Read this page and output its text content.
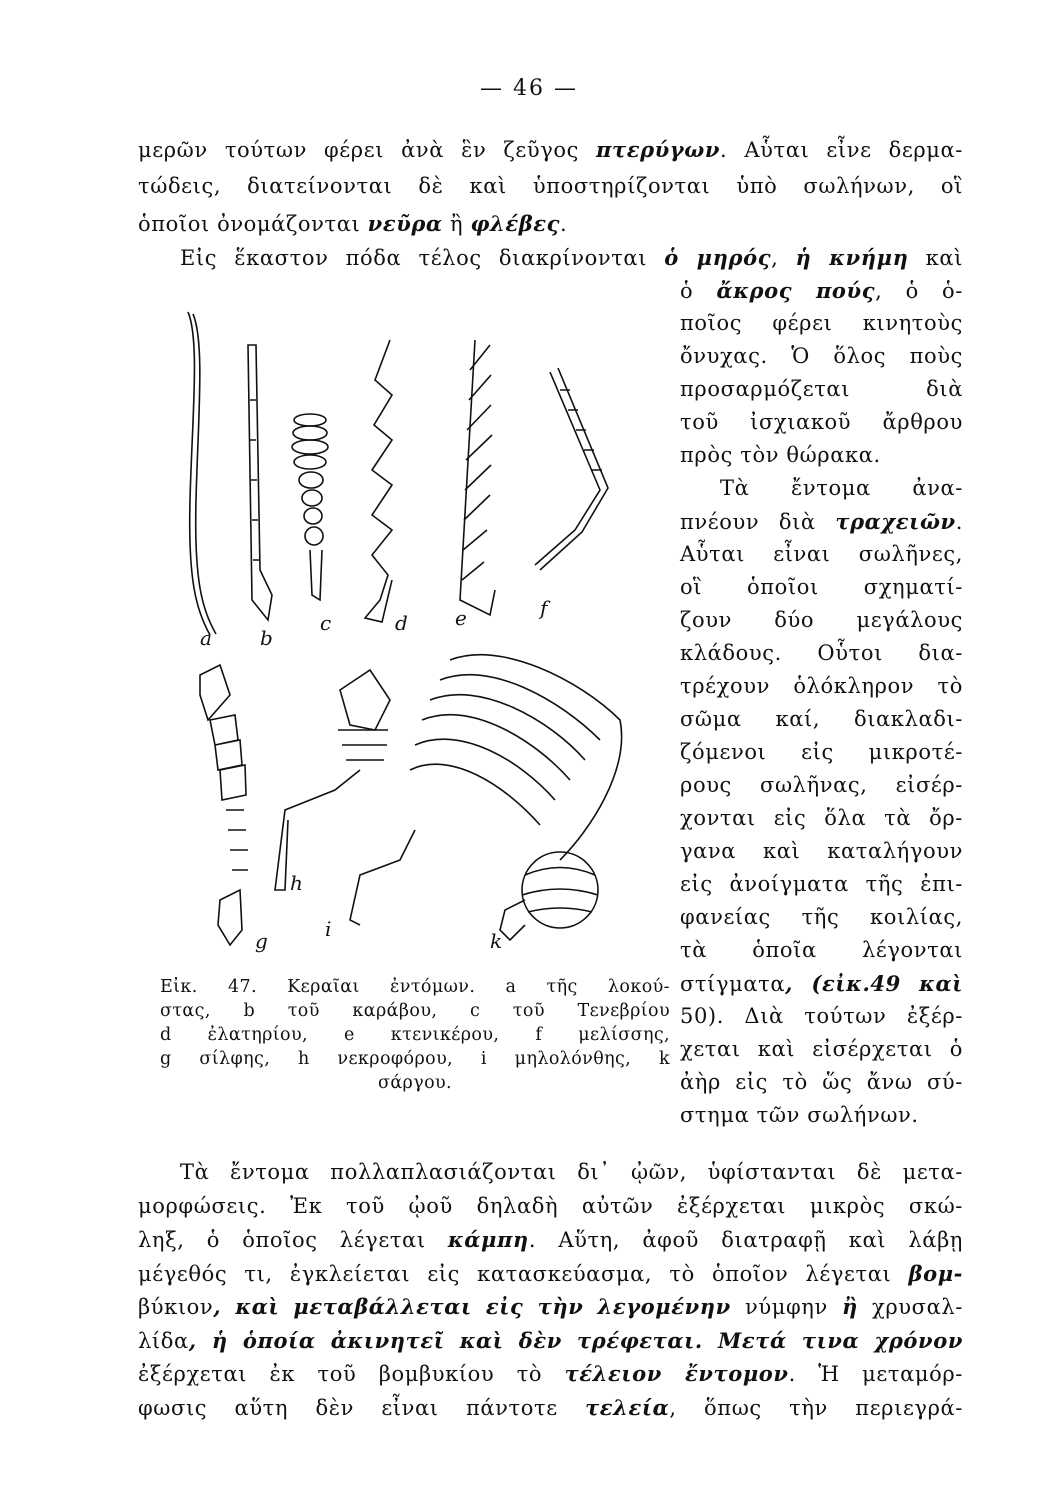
— 46 —
μερῶν τούτων φέρει ἀνὰ ἓν ζεῦγος πτερύγων. Αὗται εἶνε δερμα-
τώδεις, διατείνονται δὲ καὶ ὑποστηρίζονται ὑπὸ σωλήνων, οἳ
ὁποῖοι ὀνομάζονται νεῦρα ἢ φλέβες.
Εἰς ἕκαστον πόδα τέλος διακρίνονται ὁ μηρός, ἡ κνήμη καὶ
ὁ ἄκρος πούς, ὁ ὁ-
ποῖος φέρει κινητοὺς
ὄνυχας. Ὁ ὅλος ποὺς
προσαρμόζεται διὰ
τοῦ ἰσχιακοῦ ἄρθρου
πρὸς τὸν θώρακα.
Τὰ ἔντομα ἀνα-
πνέουν διὰ τραχειῶν.
Αὗται εἶναι σωλῆνες,
οἳ ὁποῖοι σχηματί-
ζουν δύο μεγάλους
κλάδους. Οὗτοι δια-
τρέχουν ὁλόκληρον τὸ
σῶμα καί, διακλαδι-
ζόμενοι εἰς μικροτέ-
ρους σωλῆνας, εἰσέρ-
χονται εἰς ὅλα τὰ ὄρ-
γανα καὶ καταλήγουν
εἰς ἀνοίγματα τῆς ἐπι-
φανείας τῆς κοιλίας,
τὰ ὁποῖα λέγονται
στίγματα, (εἰκ.49 καὶ
50). Διὰ τούτων ἐξέρ-
χεται καὶ εἰσέρχεται ὁ
ἀὴρ εἰς τὸ ὥς ἄνω σύ-
στημα τῶν σωλήνων.
Τὰ ἔντομα πολλαπλασιάζονται δι᾽ ᾠῶν, ὑφίστανται δὲ μετα-
μορφώσεις. Ἐκ τοῦ ᾠοῦ δηλαδὴ αὐτῶν ἐξέρχεται μικρὸς σκώ-
ληξ, ὁ ὁποῖος λέγεται κάμπη. Αὕτη, ἀφοῦ διατραφῇ καὶ λάβῃ
μέγεθός τι, ἐγκλείεται εἰς κατασκεύασμα, τὸ ὁποῖον λέγεται βομ-
βύκιον, καὶ μεταβάλλεται εἰς τὴν λεγομένην νύμφην ἢ χρυσαλ-
λίδα, ἡ ὁποία ἀκινητεῖ καὶ δὲν τρέφεται. Μετά τινα χρόνον
ἐξέρχεται ἐκ τοῦ βομβυκίου τὸ τέλειον ἔντομον. Ἡ μεταμόρ-
φωσις αὕτη δὲν εἶναι πάντοτε τελεία, ὅπως τὴν περιεγρά-
a b
c	d e	f
g
h
i	k
Εἰκ. 47. Κεραῖαι ἐντόμων. a τῆς λοκού-
στας, b τοῦ καράβου, c τοῦ Τενεβρίου
d ἐλατηρίου, e κτενικέρου, f μελίσσης,
g σίλφης, h νεκροφόρου, i μηλολόνθης, k
σάργου.
